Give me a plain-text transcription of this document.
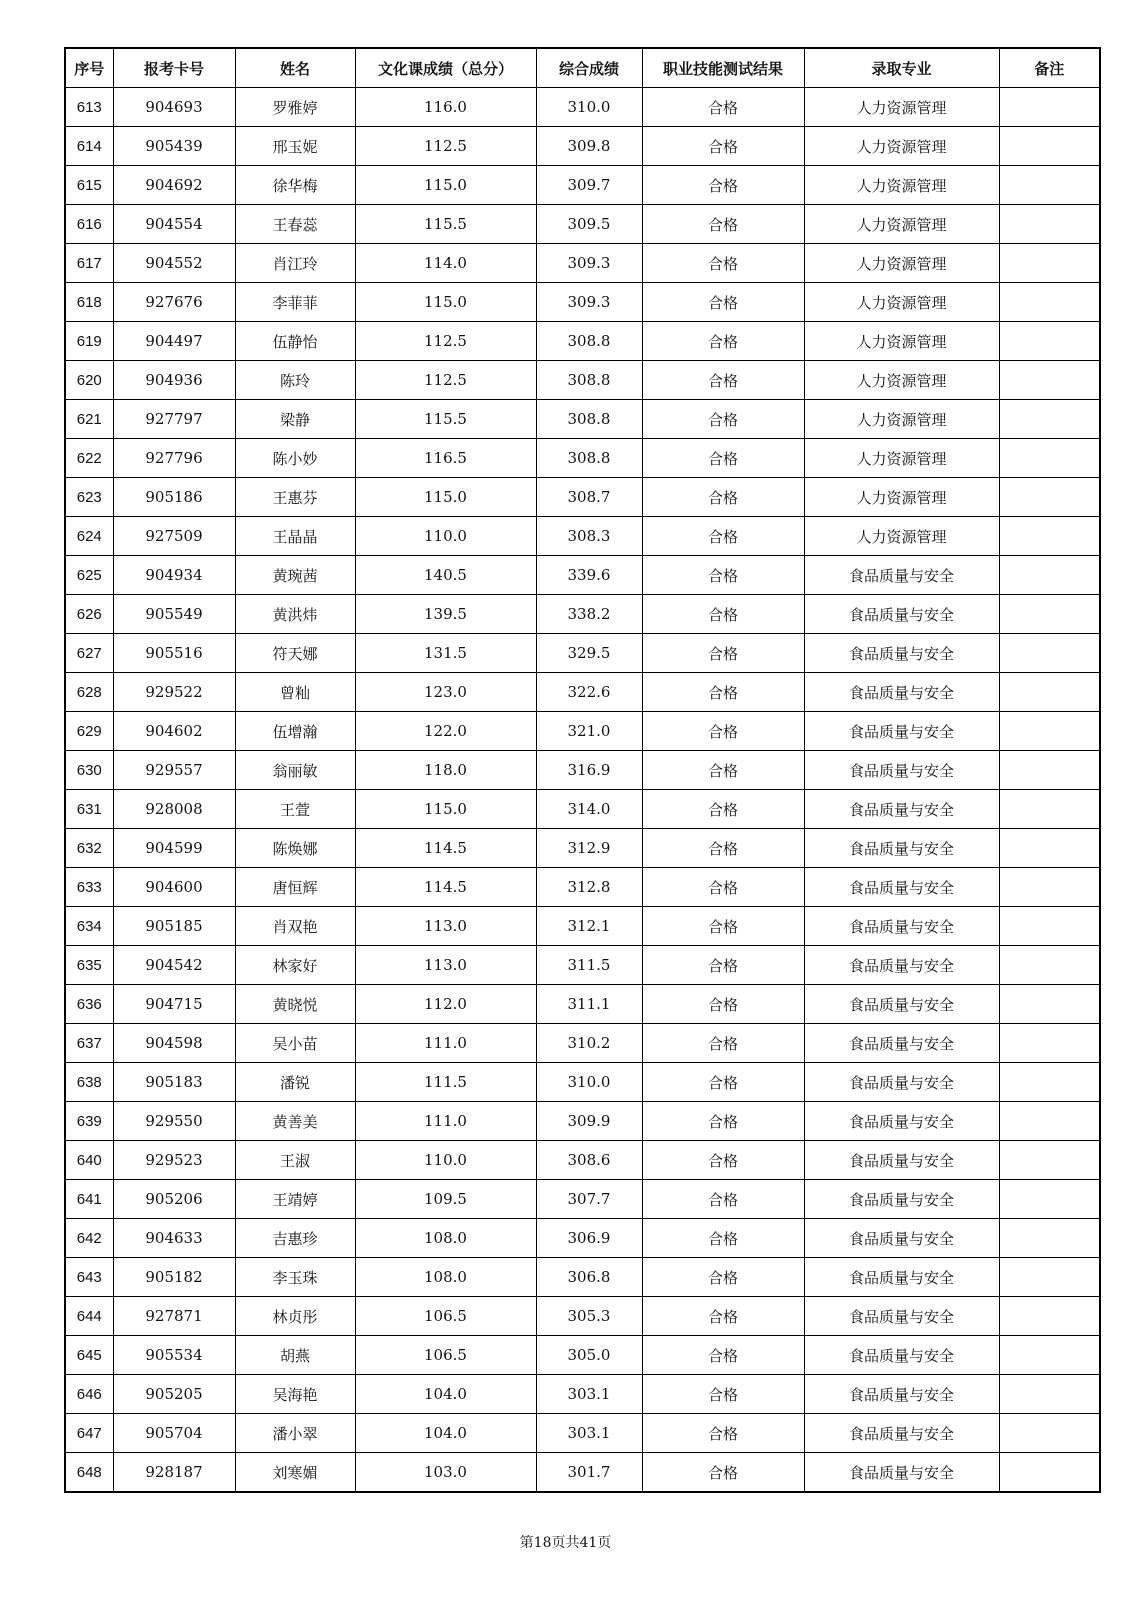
序号	报考卡号	姓名	文化课成绩（总分）	综合成绩	职业技能测试结果	录取专业	备注
613	904693	罗雅婷	116.0	310.0	合格	人力资源管理	
614	905439	邢玉妮	112.5	309.8	合格	人力资源管理	
615	904692	徐华梅	115.0	309.7	合格	人力资源管理	
616	904554	王春蕊	115.5	309.5	合格	人力资源管理	
617	904552	肖江玲	114.0	309.3	合格	人力资源管理	
618	927676	李菲菲	115.0	309.3	合格	人力资源管理	
619	904497	伍静怡	112.5	308.8	合格	人力资源管理	
620	904936	陈玲	112.5	308.8	合格	人力资源管理	
621	927797	梁静	115.5	308.8	合格	人力资源管理	
622	927796	陈小妙	116.5	308.8	合格	人力资源管理	
623	905186	王惠芬	115.0	308.7	合格	人力资源管理	
624	927509	王晶晶	110.0	308.3	合格	人力资源管理	
625	904934	黄琬茜	140.5	339.6	合格	食品质量与安全	
626	905549	黄洪炜	139.5	338.2	合格	食品质量与安全	
627	905516	符天娜	131.5	329.5	合格	食品质量与安全	
628	929522	曾籼	123.0	322.6	合格	食品质量与安全	
629	904602	伍增瀚	122.0	321.0	合格	食品质量与安全	
630	929557	翁丽敏	118.0	316.9	合格	食品质量与安全	
631	928008	王萱	115.0	314.0	合格	食品质量与安全	
632	904599	陈焕娜	114.5	312.9	合格	食品质量与安全	
633	904600	唐恒辉	114.5	312.8	合格	食品质量与安全	
634	905185	肖双艳	113.0	312.1	合格	食品质量与安全	
635	904542	林家好	113.0	311.5	合格	食品质量与安全	
636	904715	黄晓悦	112.0	311.1	合格	食品质量与安全	
637	904598	吴小苗	111.0	310.2	合格	食品质量与安全	
638	905183	潘锐	111.5	310.0	合格	食品质量与安全	
639	929550	黄善美	111.0	309.9	合格	食品质量与安全	
640	929523	王淑	110.0	308.6	合格	食品质量与安全	
641	905206	王靖婷	109.5	307.7	合格	食品质量与安全	
642	904633	吉惠珍	108.0	306.9	合格	食品质量与安全	
643	905182	李玉珠	108.0	306.8	合格	食品质量与安全	
644	927871	林贞彤	106.5	305.3	合格	食品质量与安全	
645	905534	胡燕	106.5	305.0	合格	食品质量与安全	
646	905205	吴海艳	104.0	303.1	合格	食品质量与安全	
647	905704	潘小翠	104.0	303.1	合格	食品质量与安全	
648	928187	刘寒媚	103.0	301.7	合格	食品质量与安全	
第18页共41页
